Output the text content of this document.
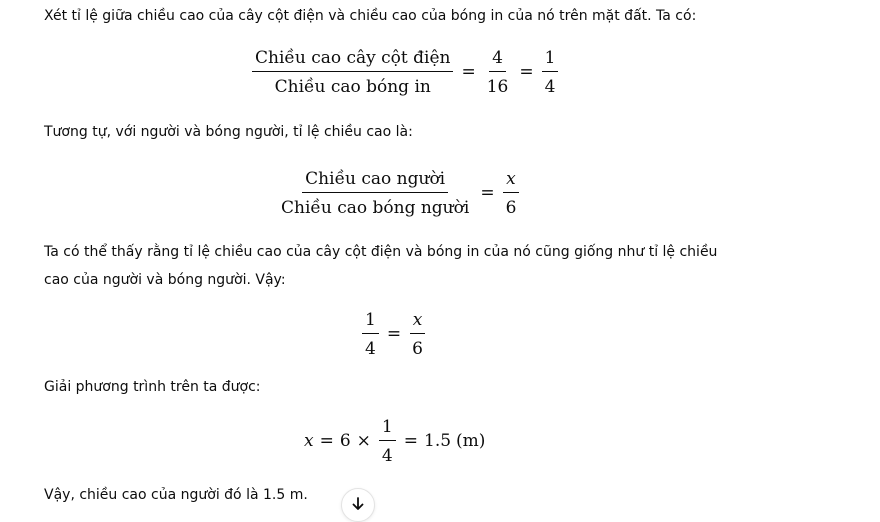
Xét tỉ lệ giữa chiều cao của cây cột điện và chiều cao của bóng in của nó trên mặt đất. Ta có:

Tương tự, với người và bóng người, tỉ lệ chiều cao là:

Ta có thể thấy rằng tỉ lệ chiều cao của cây cột điện và bóng in của nó cũng giống như tỉ lệ chiều cao của người và bóng người. Vậy:

Giải phương trình trên ta được:

Vậy, chiều cao của người đó là 1.5 m.

$\frac{\text{Chiều cao cây cột điện}}{\text{Chiều cao bóng in}} = \frac{4}{16} = \frac{1}{4}$
$\frac{\text{Chiều cao người}}{\text{Chiều cao bóng người}} = \frac{x}{6}$
$\frac{1}{4} = \frac{x}{6}$
$x = 6 \times \frac{1}{4} = 1.5$ (m)
